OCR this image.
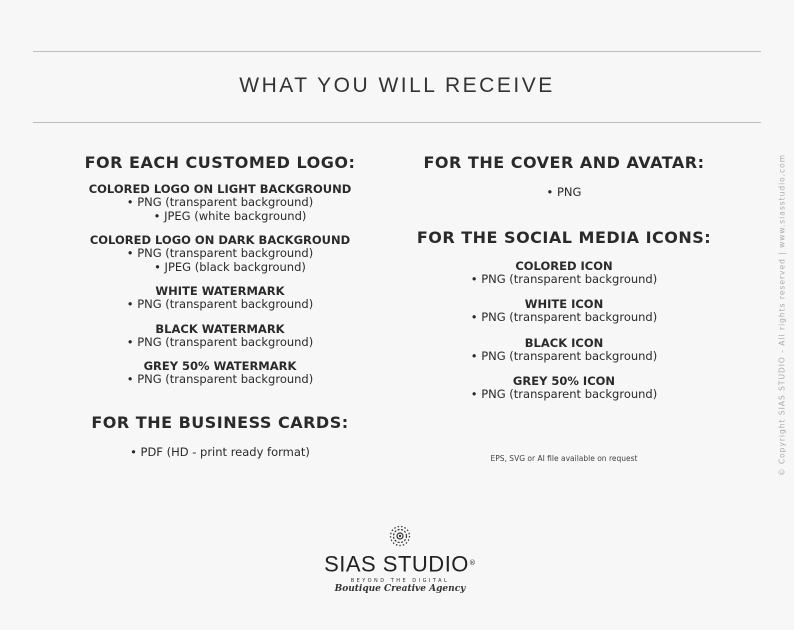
WHAT YOU WILL RECEIVE

FOR EACH CUSTOMED LOGO:

COLORED LOGO ON LIGHT BACKGROUND

• PNG (transparent background)

• JPEG (white background)

COLORED LOGO ON DARK BACKGROUND

• PNG (transparent background)

• JPEG (black background)

WHITE WATERMARK

• PNG (transparent background)

BLACK WATERMARK

• PNG (transparent background)

GREY 50% WATERMARK

• PNG (transparent background)

FOR THE BUSINESS CARDS:

• PDF (HD - print ready format)

FOR THE COVER AND AVATAR:

• PNG

FOR THE SOCIAL MEDIA ICONS:

COLORED ICON

• PNG (transparent background)

WHITE ICON

• PNG (transparent background)

BLACK ICON

• PNG (transparent background)

GREY 50% ICON

• PNG (transparent background)

EPS, SVG or AI file available on request	© Copyright SIAS STUDIO - All rights reserved | www.siasstudio.com
SIAS STUDIO®
BEYOND THE DIGITAL
Boutique Creative Agency
